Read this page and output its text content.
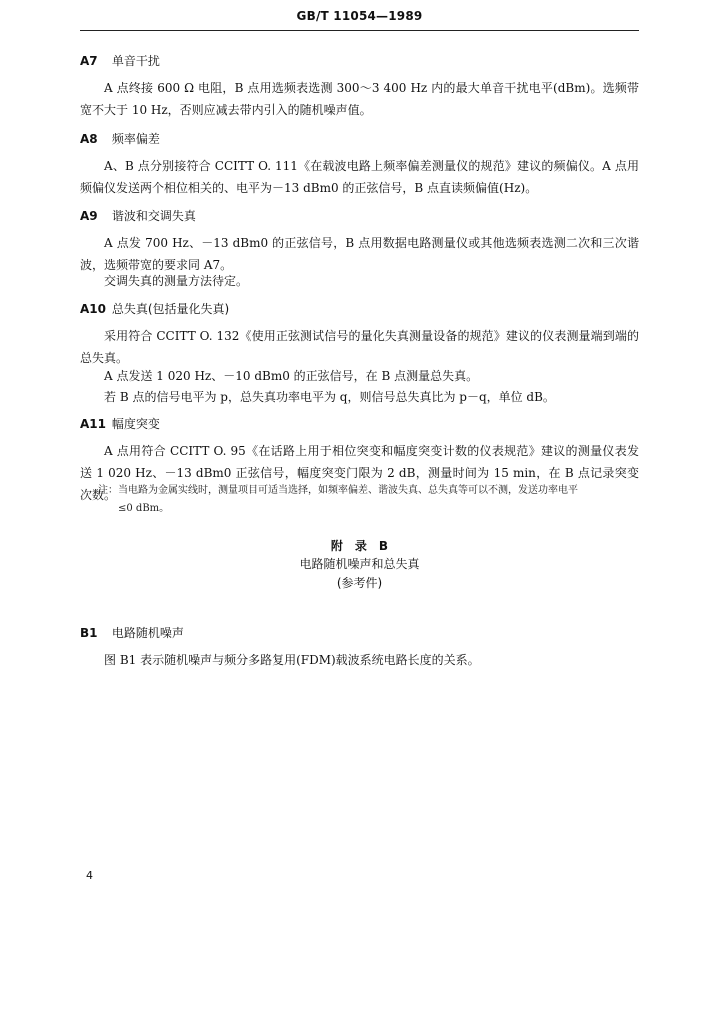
GB/T 11054—1989
A7 单音干扰
A 点终接 600 Ω 电阻，B 点用选频表选测 300～3 400 Hz 内的最大单音干扰电平(dBm)。选频带宽不大于 10 Hz，否则应减去带内引入的随机噪声值。
A8 频率偏差
A、B 点分别接符合 CCITT O. 111《在载波电路上频率偏差测量仪的规范》建议的频偏仪。A 点用频偏仪发送两个相位相关的、电平为－13 dBm0 的正弦信号，B 点直读频偏值(Hz)。
A9 谐波和交调失真
A 点发 700 Hz、－13 dBm0 的正弦信号，B 点用数据电路测量仪或其他选频表选测二次和三次谐波，选频带宽的要求同 A7。
交调失真的测量方法待定。
A10 总失真(包括量化失真)
采用符合 CCITT O. 132《使用正弦测试信号的量化失真测量设备的规范》建议的仪表测量端到端的总失真。
A 点发送 1 020 Hz、－10 dBm0 的正弦信号，在 B 点测量总失真。
若 B 点的信号电平为 p，总失真功率电平为 q，则信号总失真比为 p－q，单位 dB。
A11 幅度突变
A 点用符合 CCITT O. 95《在话路上用于相位突变和幅度突变计数的仪表规范》建议的测量仪表发送 1 020 Hz、－13 dBm0 正弦信号，幅度突变门限为 2 dB，测量时间为 15 min，在 B 点记录突变次数。
注：当电路为金属实线时，测量项目可适当选择，如频率偏差、谐波失真、总失真等可以不测，发送功率电平
≤0 dBm。
附　录　B
电路随机噪声和总失真
(参考件)
B1 电路随机噪声
图 B1 表示随机噪声与频分多路复用(FDM)载波系统电路长度的关系。
4
